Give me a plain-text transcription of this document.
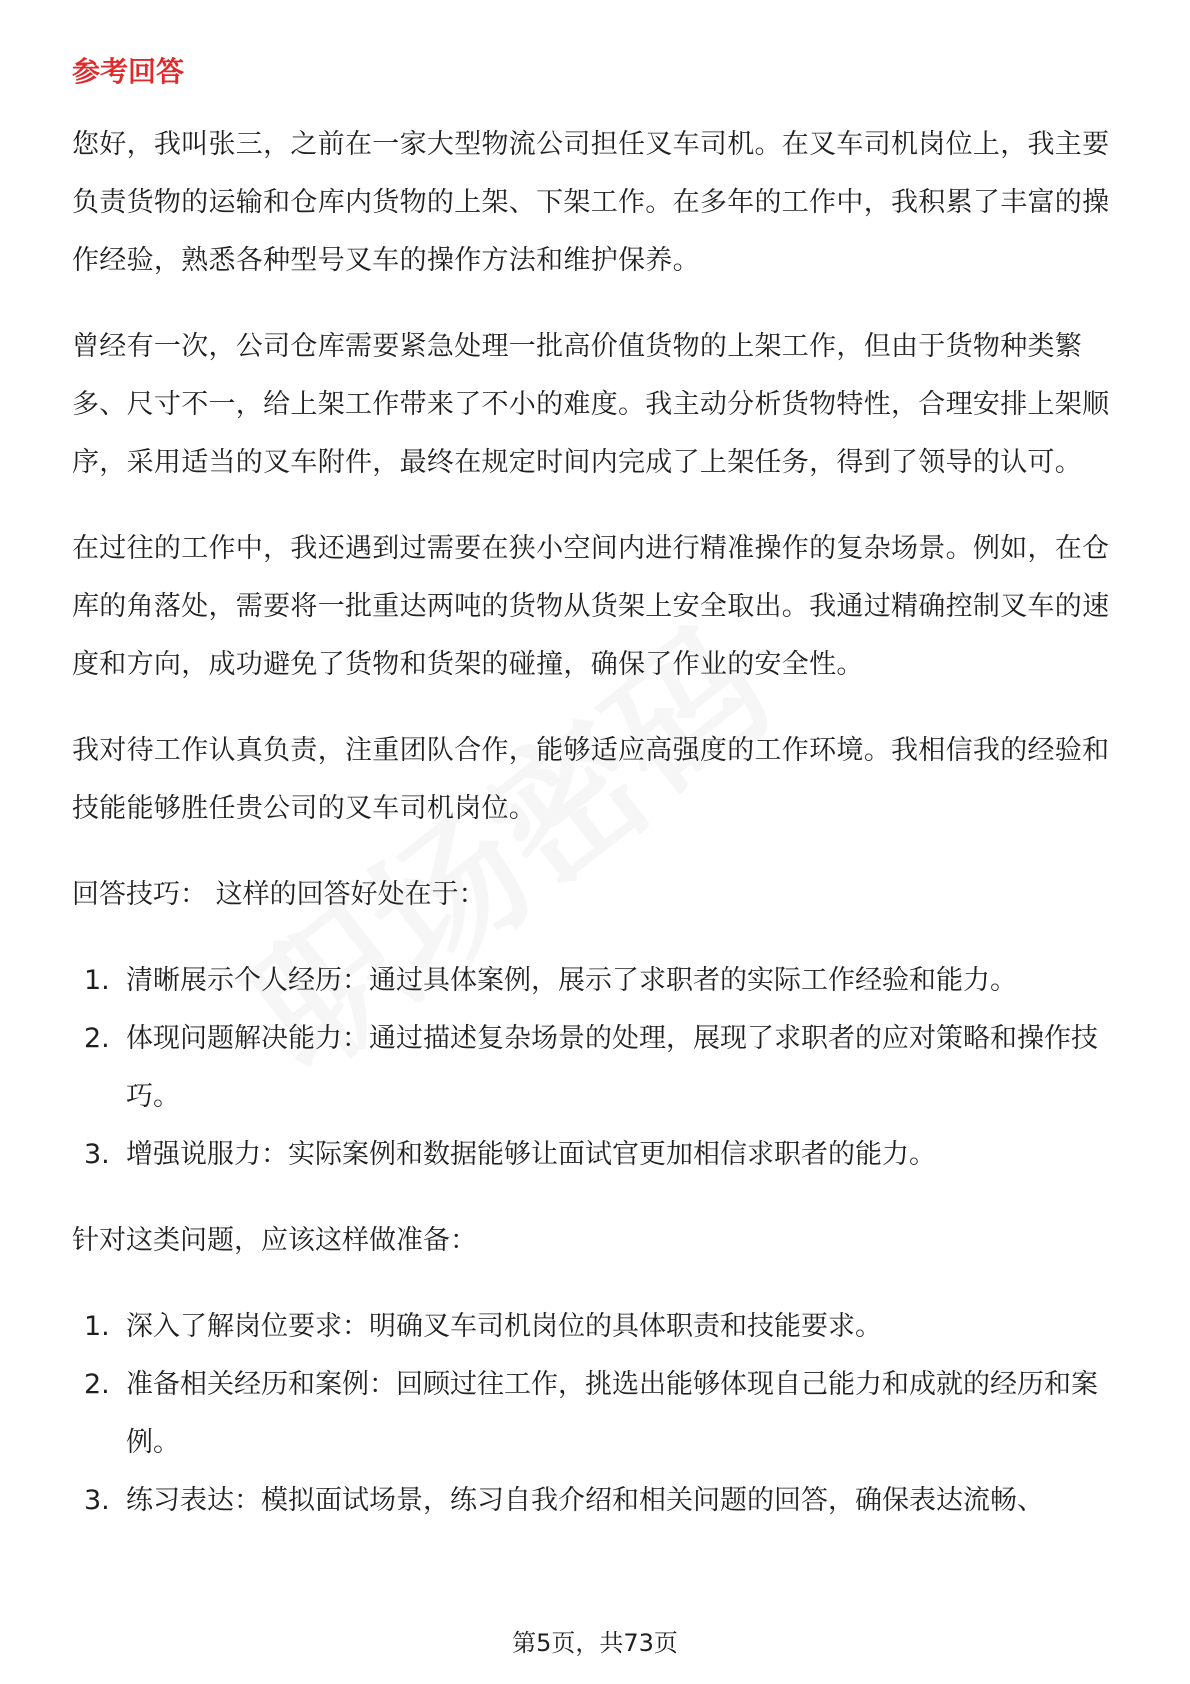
参考回答

您好，我叫张三，之前在一家大型物流公司担任叉车司机。在叉车司机岗位上，我主要负责货物的运输和仓库内货物的上架、下架工作。在多年的工作中，我积累了丰富的操作经验，熟悉各种型号叉车的操作方法和维护保养。

曾经有一次，公司仓库需要紧急处理一批高价值货物的上架工作，但由于货物种类繁多、尺寸不一，给上架工作带来了不小的难度。我主动分析货物特性，合理安排上架顺序，采用适当的叉车附件，最终在规定时间内完成了上架任务，得到了领导的认可。

在过往的工作中，我还遇到过需要在狭小空间内进行精准操作的复杂场景。例如，在仓库的角落处，需要将一批重达两吨的货物从货架上安全取出。我通过精确控制叉车的速度和方向，成功避免了货物和货架的碰撞，确保了作业的安全性。

我对待工作认真负责，注重团队合作，能够适应高强度的工作环境。我相信我的经验和技能能够胜任贵公司的叉车司机岗位。

回答技巧： 这样的回答好处在于：

1. 清晰展示个人经历：通过具体案例，展示了求职者的实际工作经验和能力。
2. 体现问题解决能力：通过描述复杂场景的处理，展现了求职者的应对策略和操作技巧。
3. 增强说服力：实际案例和数据能够让面试官更加相信求职者的能力。

针对这类问题，应该这样做准备：

1. 深入了解岗位要求：明确叉车司机岗位的具体职责和技能要求。
2. 准备相关经历和案例：回顾过往工作，挑选出能够体现自己能力和成就的经历和案例。
3. 练习表达：模拟面试场景，练习自我介绍和相关问题的回答，确保表达流畅、
第5页，共73页
